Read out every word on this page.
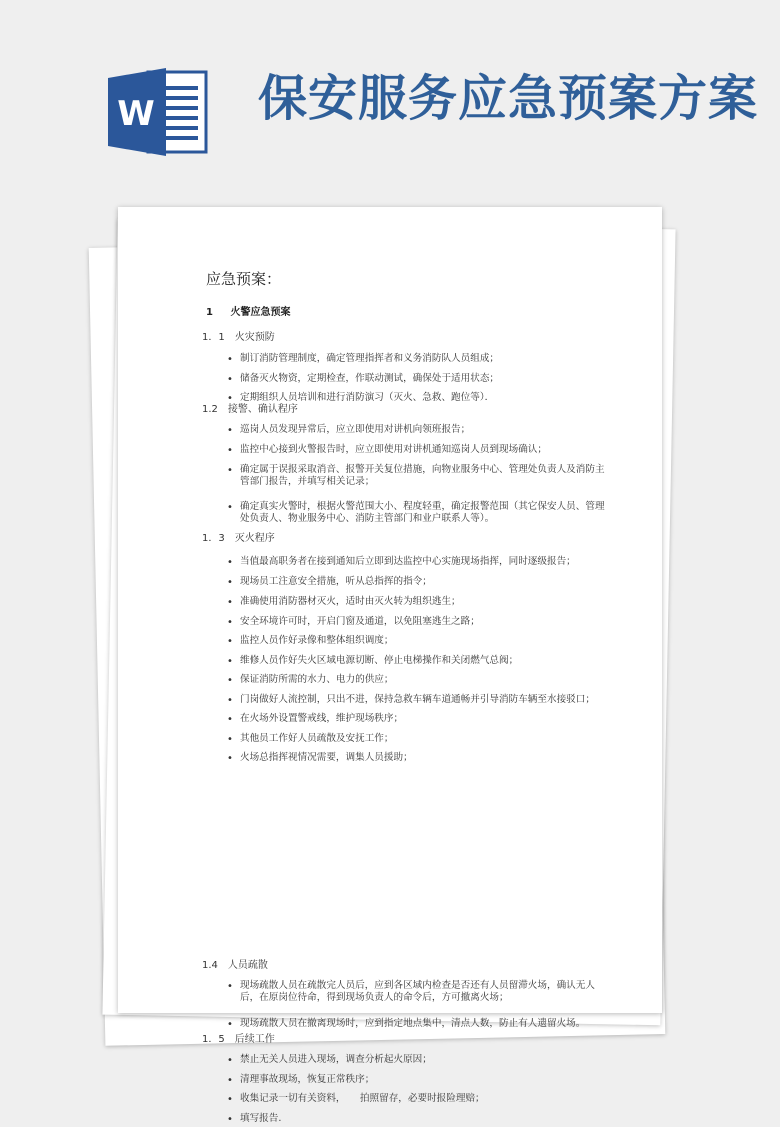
W 保安服务应急预案方案
应急预案：
1 火警应急预案
1．1 火灾预防
• 制订消防管理制度，确定管理指挥者和义务消防队人员组成；
• 储备灭火物资，定期检查，作联动测试，确保处于适用状态；
• 定期组织人员培训和进行消防演习（灭火、急救、跑位等）．
1.2 接警、确认程序
• 巡岗人员发现异常后，应立即使用对讲机向领班报告；
• 监控中心接到火警报告时，应立即使用对讲机通知巡岗人员到现场确认；
• 确定属于误报采取消音、报警开关复位措施，向物业服务中心、管理处负责人及消防主管部门报告，并填写相关记录；
• 确定真实火警时，根据火警范围大小、程度轻重，确定报警范围（其它保安人员、管理处负责人、物业服务中心、消防主管部门和业户联系人等）。
1．3 灭火程序
• 当值最高职务者在接到通知后立即到达监控中心实施现场指挥，同时逐级报告；
• 现场员工注意安全措施，听从总指挥的指令；
• 准确使用消防器材灭火，适时由灭火转为组织逃生；
• 安全环境许可时，开启门窗及通道，以免阻塞逃生之路；
• 监控人员作好录像和整体组织调度；
• 维修人员作好失火区域电源切断、停止电梯操作和关闭燃气总阀；
• 保证消防所需的水力、电力的供应；
• 门岗做好人流控制，只出不进，保持急救车辆车道通畅并引导消防车辆至水接驳口；
• 在火场外设置警戒线，维护现场秩序；
• 其他员工作好人员疏散及安抚工作；
• 火场总指挥视情况需要，调集人员援助；
1.4 人员疏散
• 现场疏散人员在疏散完人员后，应到各区域内检查是否还有人员留滞火场，确认无人后，在原岗位待命，得到现场负责人的命令后，方可撤离火场；
• 现场疏散人员在撤离现场时，应到指定地点集中，清点人数，防止有人遗留火场。
1．5 后续工作
• 禁止无关人员进入现场，调查分析起火原因；
• 清理事故现场，恢复正常秩序；
• 收集记录一切有关资料，　　拍照留存，必要时报险理赔；
• 填写报告.
